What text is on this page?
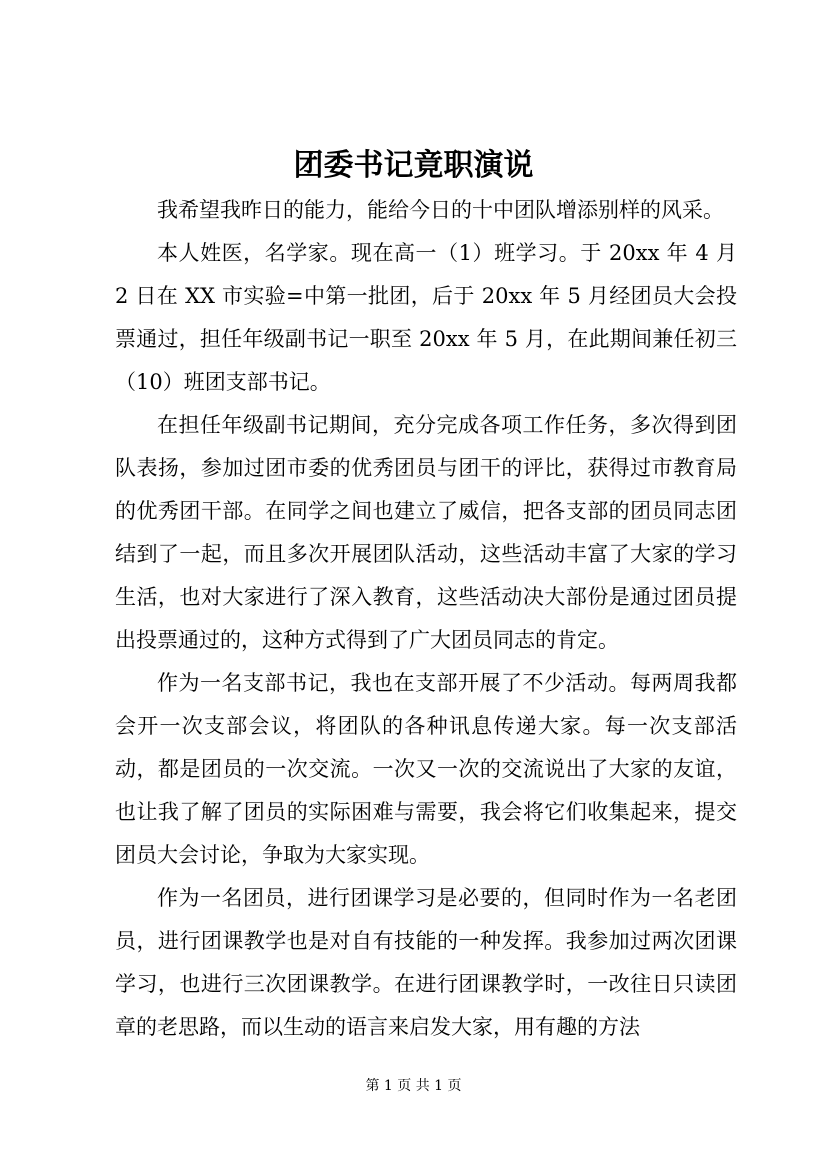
团委书记竟职演说

我希望我昨日的能力，能给今日的十中团队增添别样的风采。

本人姓医，名学家。现在高一（1）班学习。于 20xx 年 4 月 2 日在 XX 市实验=中第一批团，后于 20xx 年 5 月经团员大会投票通过，担任年级副书记一职至 20xx 年 5 月，在此期间兼任初三（10）班团支部书记。

在担任年级副书记期间，充分完成各项工作任务，多次得到团队表扬，参加过团市委的优秀团员与团干的评比，获得过市教育局的优秀团干部。在同学之间也建立了威信，把各支部的团员同志团结到了一起，而且多次开展团队活动，这些活动丰富了大家的学习生活，也对大家进行了深入教育，这些活动决大部份是通过团员提出投票通过的，这种方式得到了广大团员同志的肯定。

作为一名支部书记，我也在支部开展了不少活动。每两周我都会开一次支部会议，将团队的各种讯息传递大家。每一次支部活动，都是团员的一次交流。一次又一次的交流说出了大家的友谊，也让我了解了团员的实际困难与需要，我会将它们收集起来，提交团员大会讨论，争取为大家实现。

作为一名团员，进行团课学习是必要的，但同时作为一名老团员，进行团课教学也是对自有技能的一种发挥。我参加过两次团课学习，也进行三次团课教学。在进行团课教学时，一改往日只读团章的老思路，而以生动的语言来启发大家，用有趣的方法

第 1 页 共 1 页
